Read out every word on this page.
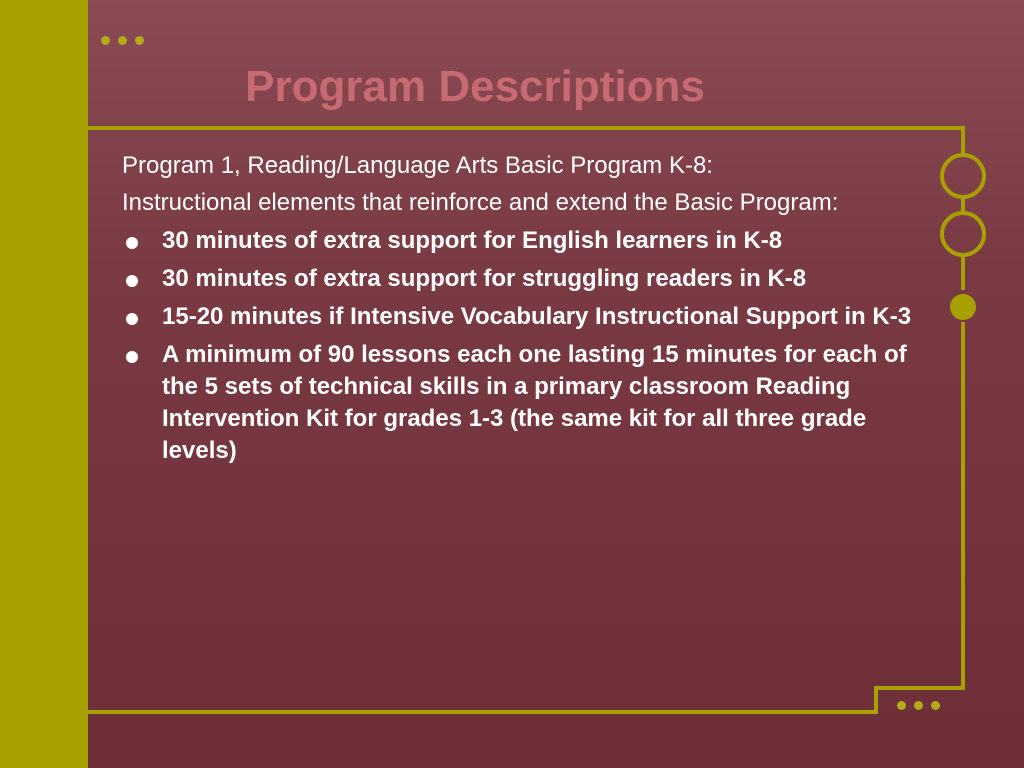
Program Descriptions

Program 1, Reading/Language Arts Basic Program K-8:

Instructional elements that reinforce and extend the Basic Program:

30 minutes of extra support for English learners in K-8
30 minutes of extra support for struggling readers in K-8
15-20 minutes if Intensive Vocabulary Instructional Support in K-3
A minimum of 90 lessons each one lasting 15 minutes for each of the 5 sets of technical skills in a primary classroom Reading Intervention Kit for grades 1-3 (the same kit for all three grade levels)
